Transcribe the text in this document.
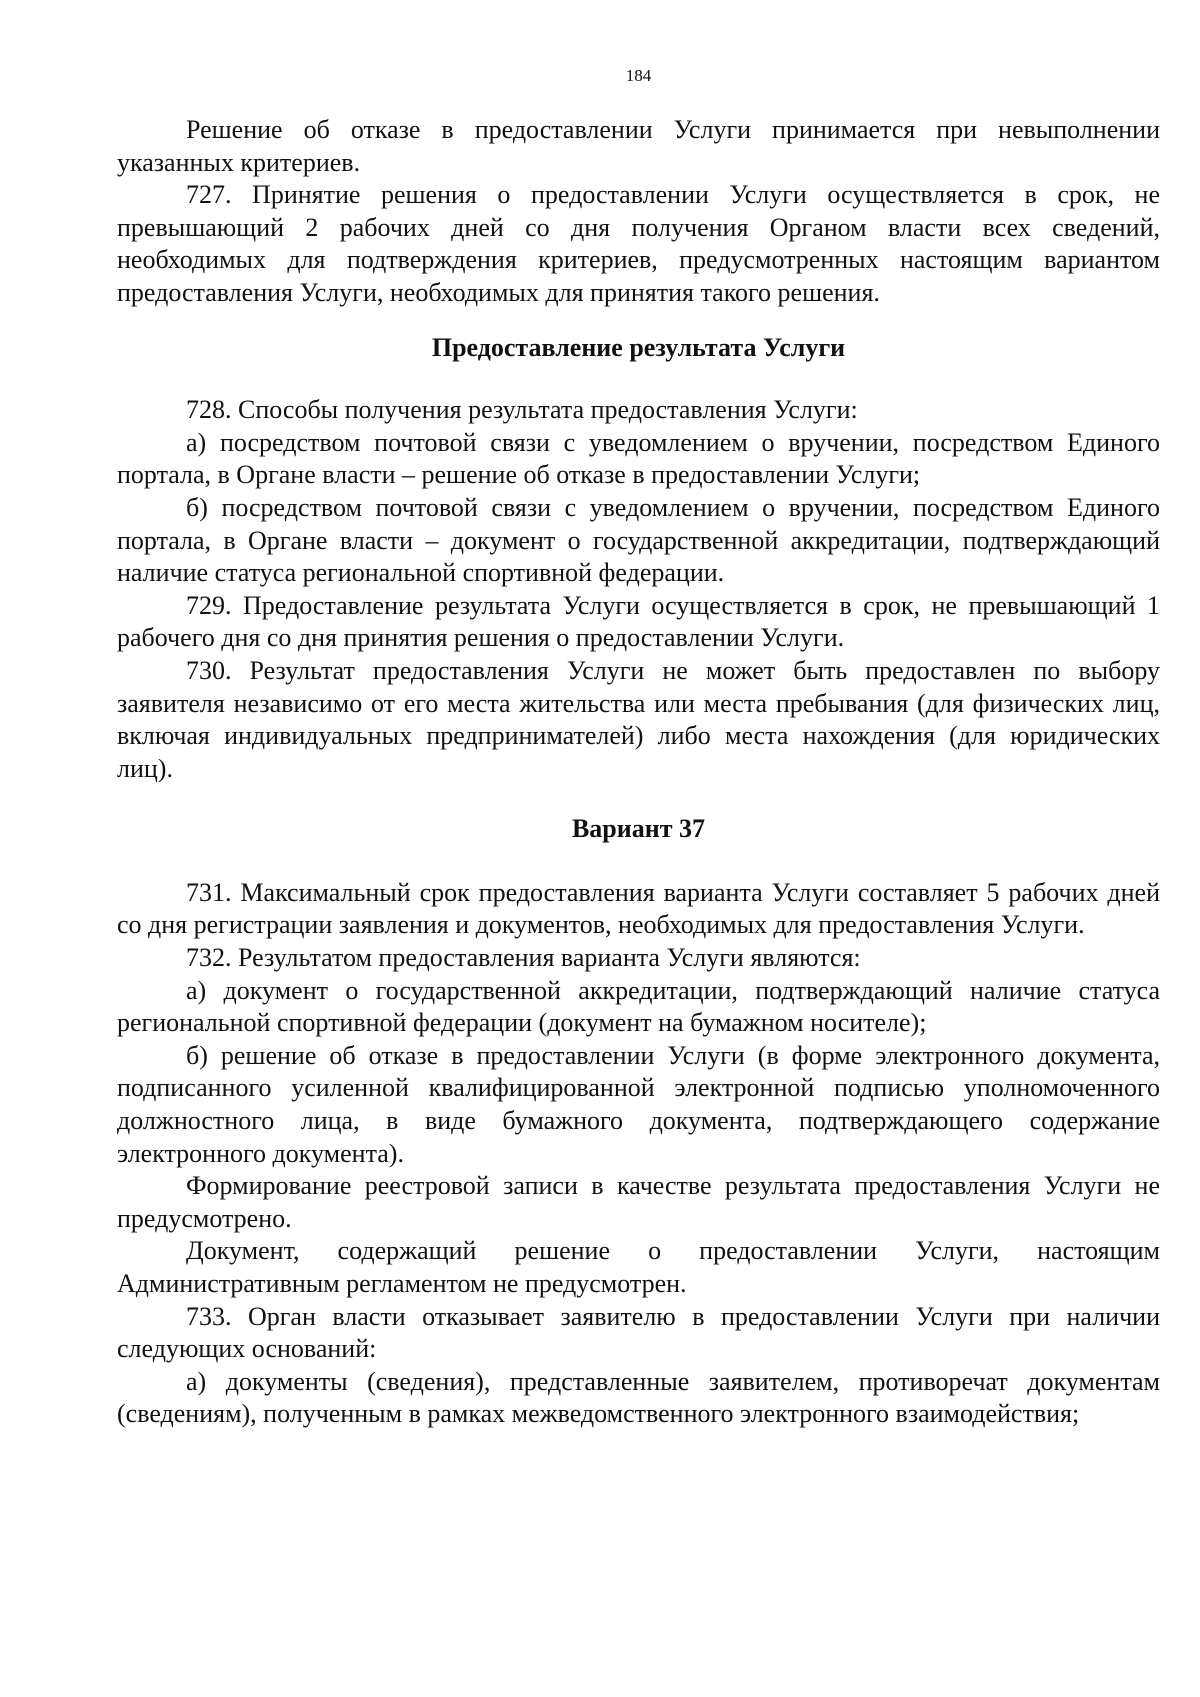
184

Решение об отказе в предоставлении Услуги принимается при невыполнении указанных критериев.

727. Принятие решения о предоставлении Услуги осуществляется в срок, не превышающий 2 рабочих дней со дня получения Органом власти всех сведений, необходимых для подтверждения критериев, предусмотренных настоящим вариантом предоставления Услуги, необходимых для принятия такого решения.

Предоставление результата Услуги

728. Способы получения результата предоставления Услуги:

а) посредством почтовой связи с уведомлением о вручении, посредством Единого портала, в Органе власти – решение об отказе в предоставлении Услуги;

б) посредством почтовой связи с уведомлением о вручении, посредством Единого портала, в Органе власти – документ о государственной аккредитации, подтверждающий наличие статуса региональной спортивной федерации.

729. Предоставление результата Услуги осуществляется в срок, не превышающий 1 рабочего дня со дня принятия решения о предоставлении Услуги.

730. Результат предоставления Услуги не может быть предоставлен по выбору заявителя независимо от его места жительства или места пребывания (для физических лиц, включая индивидуальных предпринимателей) либо места нахождения (для юридических лиц).

Вариант 37

731. Максимальный срок предоставления варианта Услуги составляет 5 рабочих дней со дня регистрации заявления и документов, необходимых для предоставления Услуги.

732. Результатом предоставления варианта Услуги являются:

а) документ о государственной аккредитации, подтверждающий наличие статуса региональной спортивной федерации (документ на бумажном носителе);

б) решение об отказе в предоставлении Услуги (в форме электронного документа, подписанного усиленной квалифицированной электронной подписью уполномоченного должностного лица, в виде бумажного документа, подтверждающего содержание электронного документа).

Формирование реестровой записи в качестве результата предоставления Услуги не предусмотрено.

Документ, содержащий решение о предоставлении Услуги, настоящим Административным регламентом не предусмотрен.

733. Орган власти отказывает заявителю в предоставлении Услуги при наличии следующих оснований:

а) документы (сведения), представленные заявителем, противоречат документам (сведениям), полученным в рамках межведомственного электронного взаимодействия;
